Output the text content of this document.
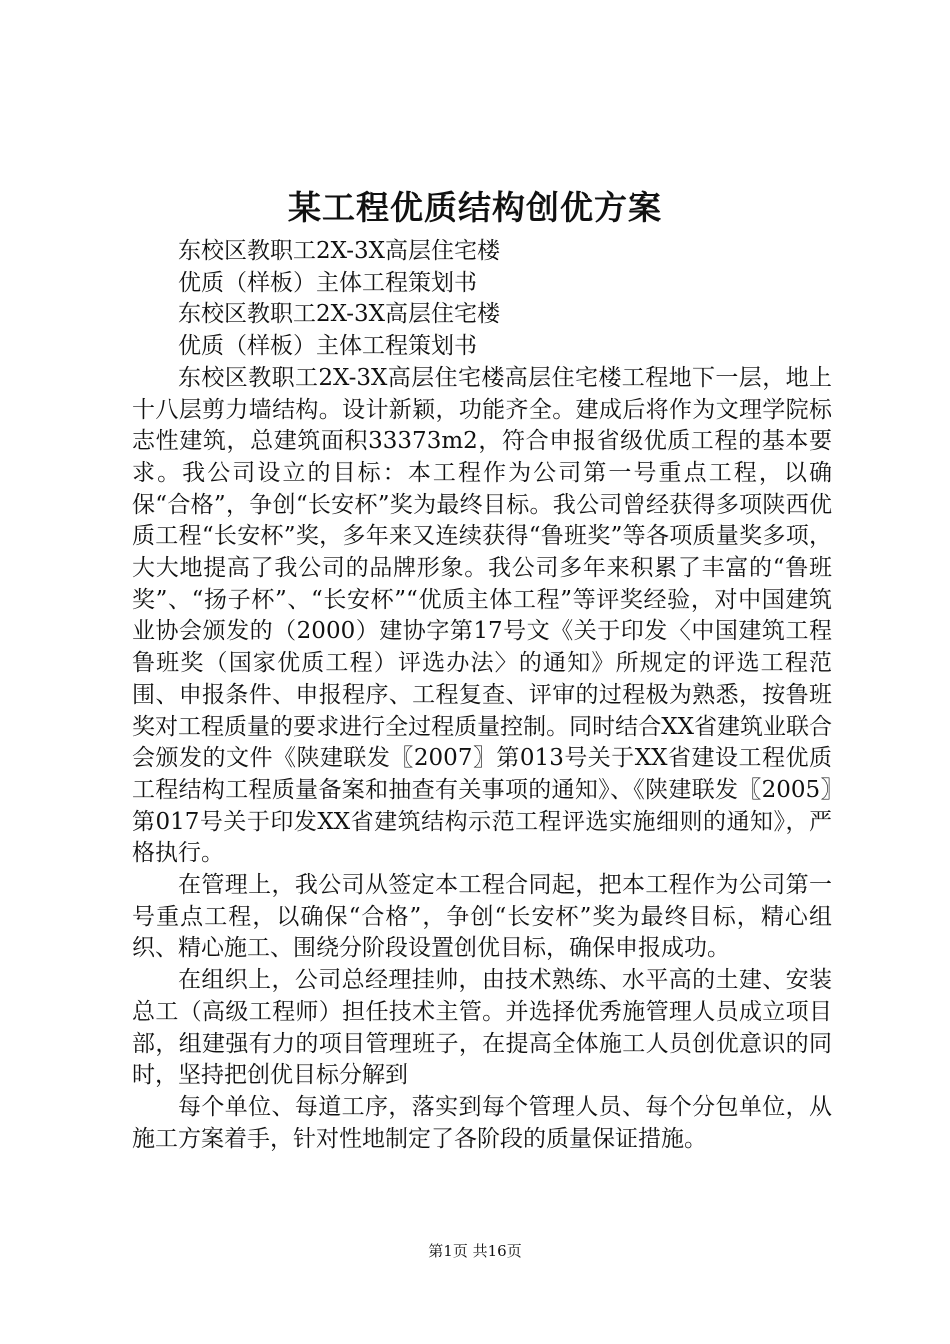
某工程优质结构创优方案

东校区教职工2X-3X高层住宅楼

优质（样板）主体工程策划书

东校区教职工2X-3X高层住宅楼

优质（样板）主体工程策划书

东校区教职工2X-3X高层住宅楼高层住宅楼工程地下一层，地上十八层剪力墙结构。设计新颖，功能齐全。建成后将作为文理学院标志性建筑，总建筑面积33373m2，符合申报省级优质工程的基本要求。我公司设立的目标：本工程作为公司第一号重点工程，以确保“合格”，争创“长安杯”奖为最终目标。我公司曾经获得多项陕西优质工程“长安杯”奖，多年来又连续获得“鲁班奖”等各项质量奖多项，大大地提高了我公司的品牌形象。我公司多年来积累了丰富的“鲁班奖”、“扬子杯”、“长安杯”“优质主体工程”等评奖经验，对中国建筑业协会颁发的（2000）建协字第17号文《关于印发〈中国建筑工程鲁班奖（国家优质工程）评选办法〉的通知》所规定的评选工程范围、申报条件、申报程序、工程复查、评审的过程极为熟悉，按鲁班奖对工程质量的要求进行全过程质量控制。同时结合XX省建筑业联合会颁发的文件《陕建联发〖2007〗第013号关于XX省建设工程优质工程结构工程质量备案和抽查有关事项的通知》、《陕建联发〖2005〗第017号关于印发XX省建筑结构示范工程评选实施细则的通知》，严格执行。

在管理上，我公司从签定本工程合同起，把本工程作为公司第一号重点工程，以确保“合格”，争创“长安杯”奖为最终目标，精心组织、精心施工、围绕分阶段设置创优目标，确保申报成功。

在组织上，公司总经理挂帅，由技术熟练、水平高的土建、安装总工（高级工程师）担任技术主管。并选择优秀施管理人员成立项目部，组建强有力的项目管理班子，在提高全体施工人员创优意识的同时，坚持把创优目标分解到

每个单位、每道工序，落实到每个管理人员、每个分包单位，从施工方案着手，针对性地制定了各阶段的质量保证措施。

第1页 共16页
